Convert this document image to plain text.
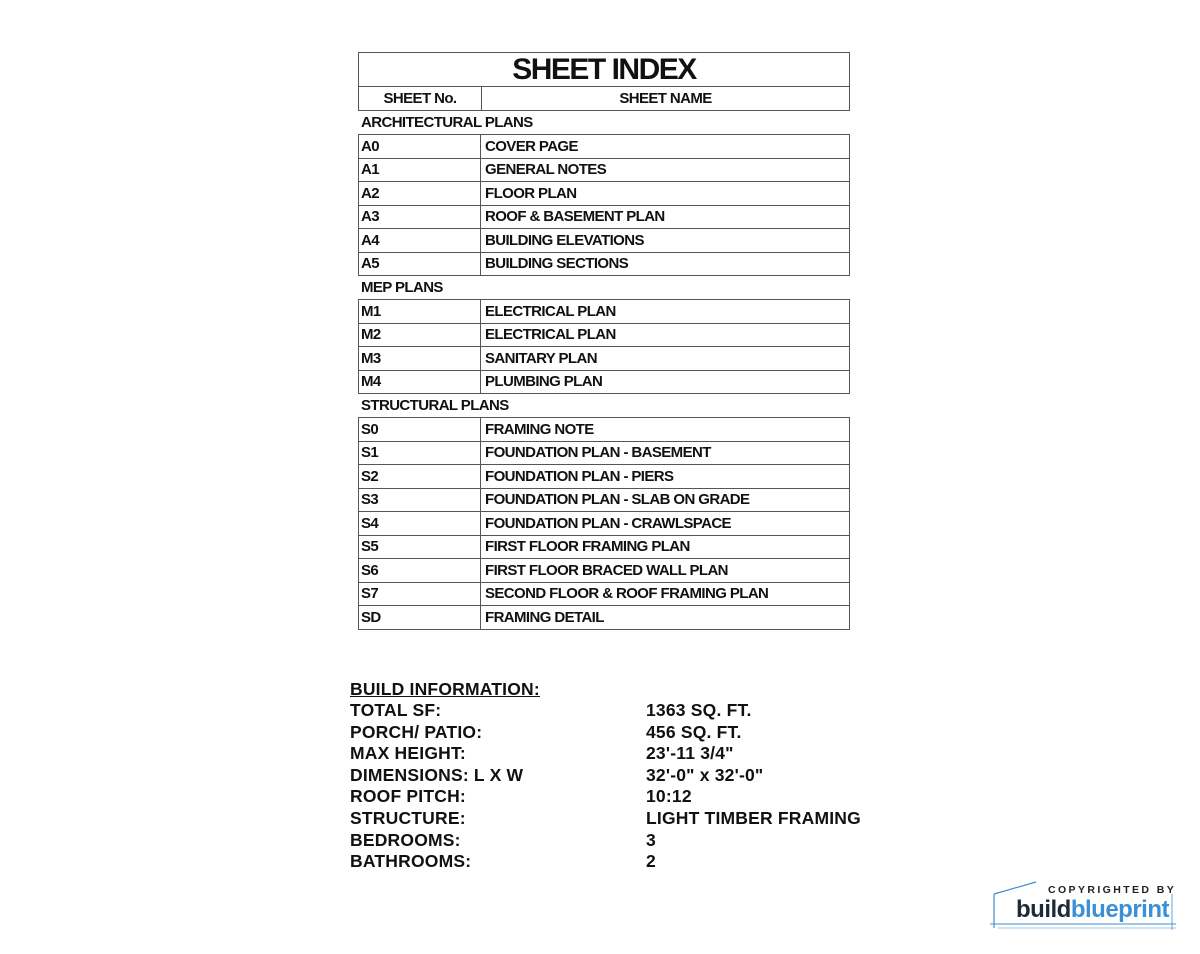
SHEET INDEX
SHEET No.	SHEET NAME
ARCHITECTURAL PLANS
A0	COVER PAGE
A1	GENERAL NOTES
A2	FLOOR PLAN
A3	ROOF & BASEMENT PLAN
A4	BUILDING ELEVATIONS
A5	BUILDING SECTIONS
MEP PLANS
M1	ELECTRICAL PLAN
M2	ELECTRICAL PLAN
M3	SANITARY PLAN
M4	PLUMBING PLAN
STRUCTURAL PLANS
S0	FRAMING NOTE
S1	FOUNDATION PLAN - BASEMENT
S2	FOUNDATION PLAN - PIERS
S3	FOUNDATION PLAN - SLAB ON GRADE
S4	FOUNDATION PLAN - CRAWLSPACE
S5	FIRST FLOOR FRAMING PLAN
S6	FIRST FLOOR BRACED WALL PLAN
S7	SECOND FLOOR & ROOF FRAMING PLAN
SD	FRAMING DETAIL
BUILD INFORMATION:
TOTAL SF:	1363 SQ. FT.
PORCH/ PATIO:	456 SQ. FT.
MAX HEIGHT:	23'-11 3/4"
DIMENSIONS: L X W	32'-0" x 32'-0"
ROOF PITCH:	10:12
STRUCTURE:	LIGHT TIMBER FRAMING
BEDROOMS:	3
BATHROOMS:	2
COPYRIGHTED BY
buildblueprint
